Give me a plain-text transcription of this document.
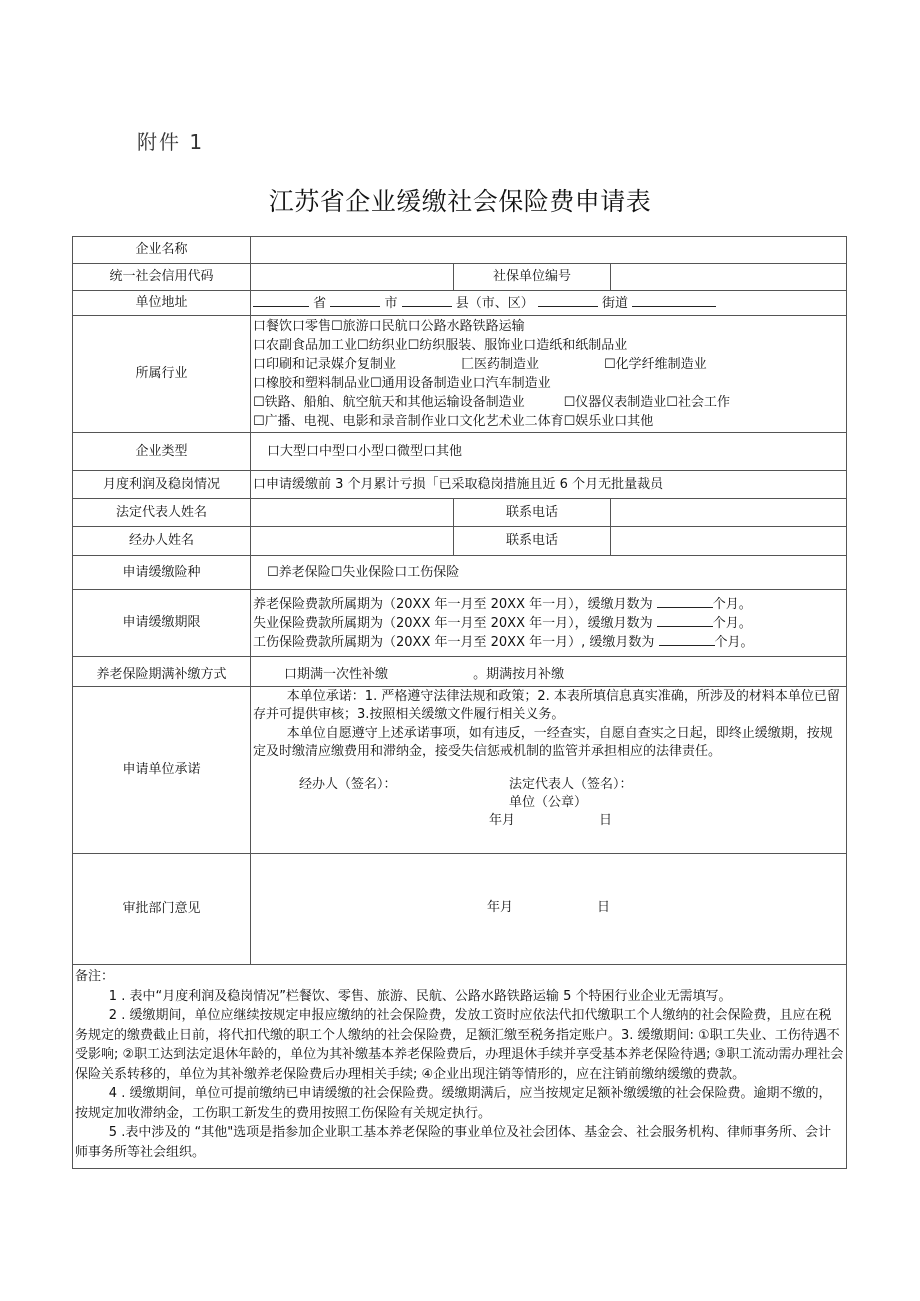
附件 1
江苏省企业缓缴社会保险费申请表
企业名称			
统一社会信用代码		社保单位编号	
单位地址	省 市 县（市、区） 街道		
所属行业	
口餐饮口零售☐旅游口民航口公路水路铁路运输
口农副食品加工业☐纺织业☐纺织服装、服饰业口造纸和纸制品业
口印刷和记录媒介复制业　　　　　匚医药制造业　　　　　☐化学纤维制造业
口橡胶和塑料制品业☐通用设备制造业口汽车制造业
☐铁路、船舶、航空航天和其他运输设备制造业　　　☐仪器仪表制造业☐社会工作
☐广播、电视、电影和录音制作业口文化艺术业二体育☐娱乐业口其他

企业类型	口大型口中型口小型口微型口其他		
月度利润及稳岗情况	口申请缓缴前 3 个月累计亏损「已采取稳岗措施且近 6 个月无批量裁员		
法定代表人姓名		联系电话	
经办人姓名		联系电话	
申请缓缴险种	☐养老保险☐失业保险口工伤保险		
申请缓缴期限	养老保险费款所属期为（20XX 年一月至 20XX 年一月），缓缴月数为 个月。
失业保险费款所属期为（20XX 年一月至 20XX 年一月），缓缴月数为 个月。
工伤保险费款所属期为（20XX 年一月至 20XX 年一月）, 缓缴月数为 个月。		

养老保险期满补缴方式	口期满一次性补缴 。期满按月补缴		
申请单位承诺	
本单位承诺：1. 严格遵守法律法规和政策；2. 本表所填信息真实准确，所涉及的材料本单位已留存并可提供审核；3.按照相关缓缴文件履行相关义务。
本单位自愿遵守上述承诺事项，如有违反，一经查实，自愿自查实之日起，即终止缓缴期，按规定及时缴清应缴费用和滞纳金，接受失信惩戒机制的监管并承担相应的法律责任。
经办人（签名）：	法定代表人（签名）：
单位（公章）
年月	日

审批部门意见	年月 日		

备注：
1 . 表中“月度利润及稳岗情况”栏餐饮、零售、旅游、民航、公路水路铁路运输 5 个特困行业企业无需填写。
2 . 缓缴期间，单位应继续按规定申报应缴纳的社会保险费，发放工资时应依法代扣代缴职工个人缴纳的社会保险费，且应在税务规定的缴费截止日前，将代扣代缴的职工个人缴纳的社会保险费，足额汇缴至税务指定账户。3. 缓缴期间: ①职工失业、工伤待遇不受影响; ②职工达到法定退休年龄的，单位为其补缴基本养老保险费后，办理退休手续并享受基本养老保险待遇; ③职工流动需办理社会保险关系转移的，单位为其补缴养老保险费后办理相关手续; ④企业出现注销等情形的，应在注销前缴纳缓缴的费款。
4 . 缓缴期间，单位可提前缴纳已申请缓缴的社会保险费。缓缴期满后，应当按规定足额补缴缓缴的社会保险费。逾期不缴的，按规定加收滞纳金，工伤职工新发生的费用按照工伤保险有关规定执行。
5 .表中涉及的 “其他"选项是指参加企业职工基本养老保险的事业单位及社会团体、基金会、社会服务机构、律师事务所、会计师事务所等社会组织。			
